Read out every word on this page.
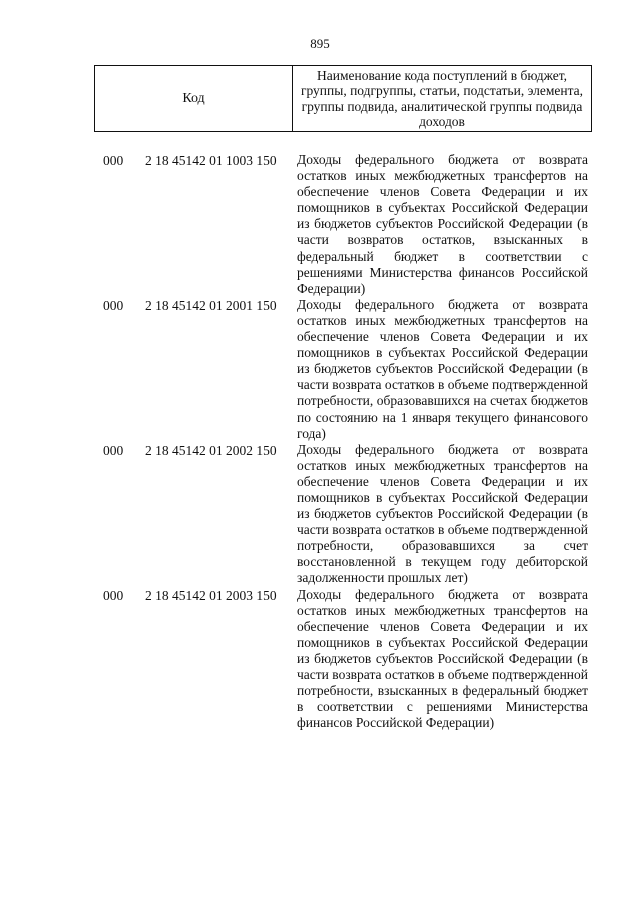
895
Код
Наименование кода поступлений в бюджет, группы, подгруппы, статьи, подстатьи, элемента, группы подвида, аналитической группы подвида доходов
000 2 18 45142 01 1003 150 Доходы федерального бюджета от возврата остатков иных межбюджетных трансфертов на обеспечение членов Совета Федерации и их помощников в субъектах Российской Федерации из бюджетов субъектов Российской Федерации (в части возвратов остатков, взысканных в федеральный бюджет в соответствии с решениями Министерства финансов Российской Федерации)
000 2 18 45142 01 2001 150 Доходы федерального бюджета от возврата остатков иных межбюджетных трансфертов на обеспечение членов Совета Федерации и их помощников в субъектах Российской Федерации из бюджетов субъектов Российской Федерации (в части возврата остатков в объеме подтвержденной потребности, образовавшихся на счетах бюджетов по состоянию на 1 января текущего финансового года)
000 2 18 45142 01 2002 150 Доходы федерального бюджета от возврата остатков иных межбюджетных трансфертов на обеспечение членов Совета Федерации и их помощников в субъектах Российской Федерации из бюджетов субъектов Российской Федерации (в части возврата остатков в объеме подтвержденной потребности, образовавшихся за счет восстановленной в текущем году дебиторской задолженности прошлых лет)
000 2 18 45142 01 2003 150 Доходы федерального бюджета от возврата остатков иных межбюджетных трансфертов на обеспечение членов Совета Федерации и их помощников в субъектах Российской Федерации из бюджетов субъектов Российской Федерации (в части возврата остатков в объеме подтвержденной потребности, взысканных в федеральный бюджет в соответствии с решениями Министерства финансов Российской Федерации)
